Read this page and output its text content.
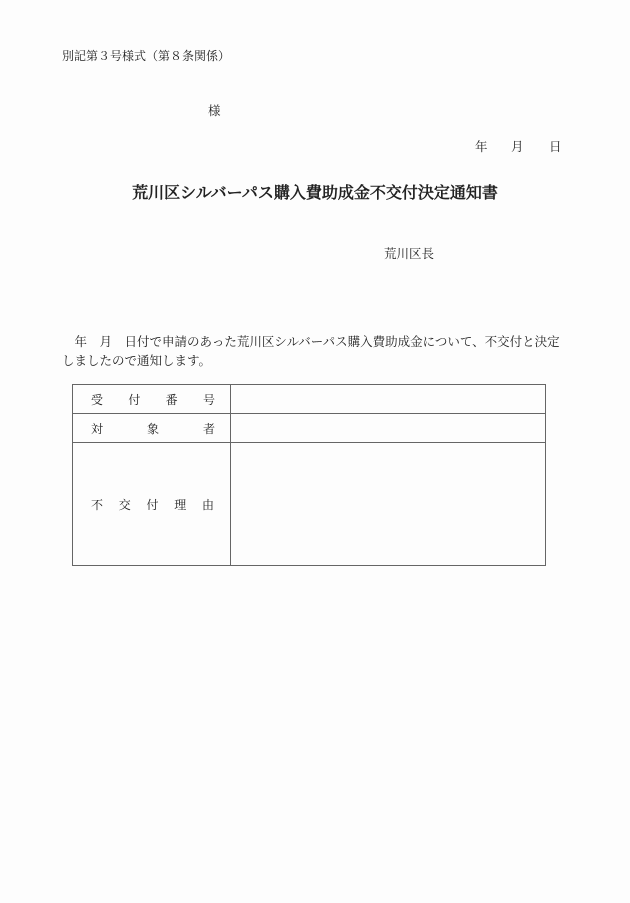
別記第３号様式（第８条関係）
様
年 月 日
荒川区シルバーパス購入費助成金不交付決定通知書
荒川区長
　年　月　日付で申請のあった荒川区シルバーパス購入費助成金について、不交付と決定しましたので通知します。
受 付 番 号	

対 象 者	

不 交 付 理 由	
